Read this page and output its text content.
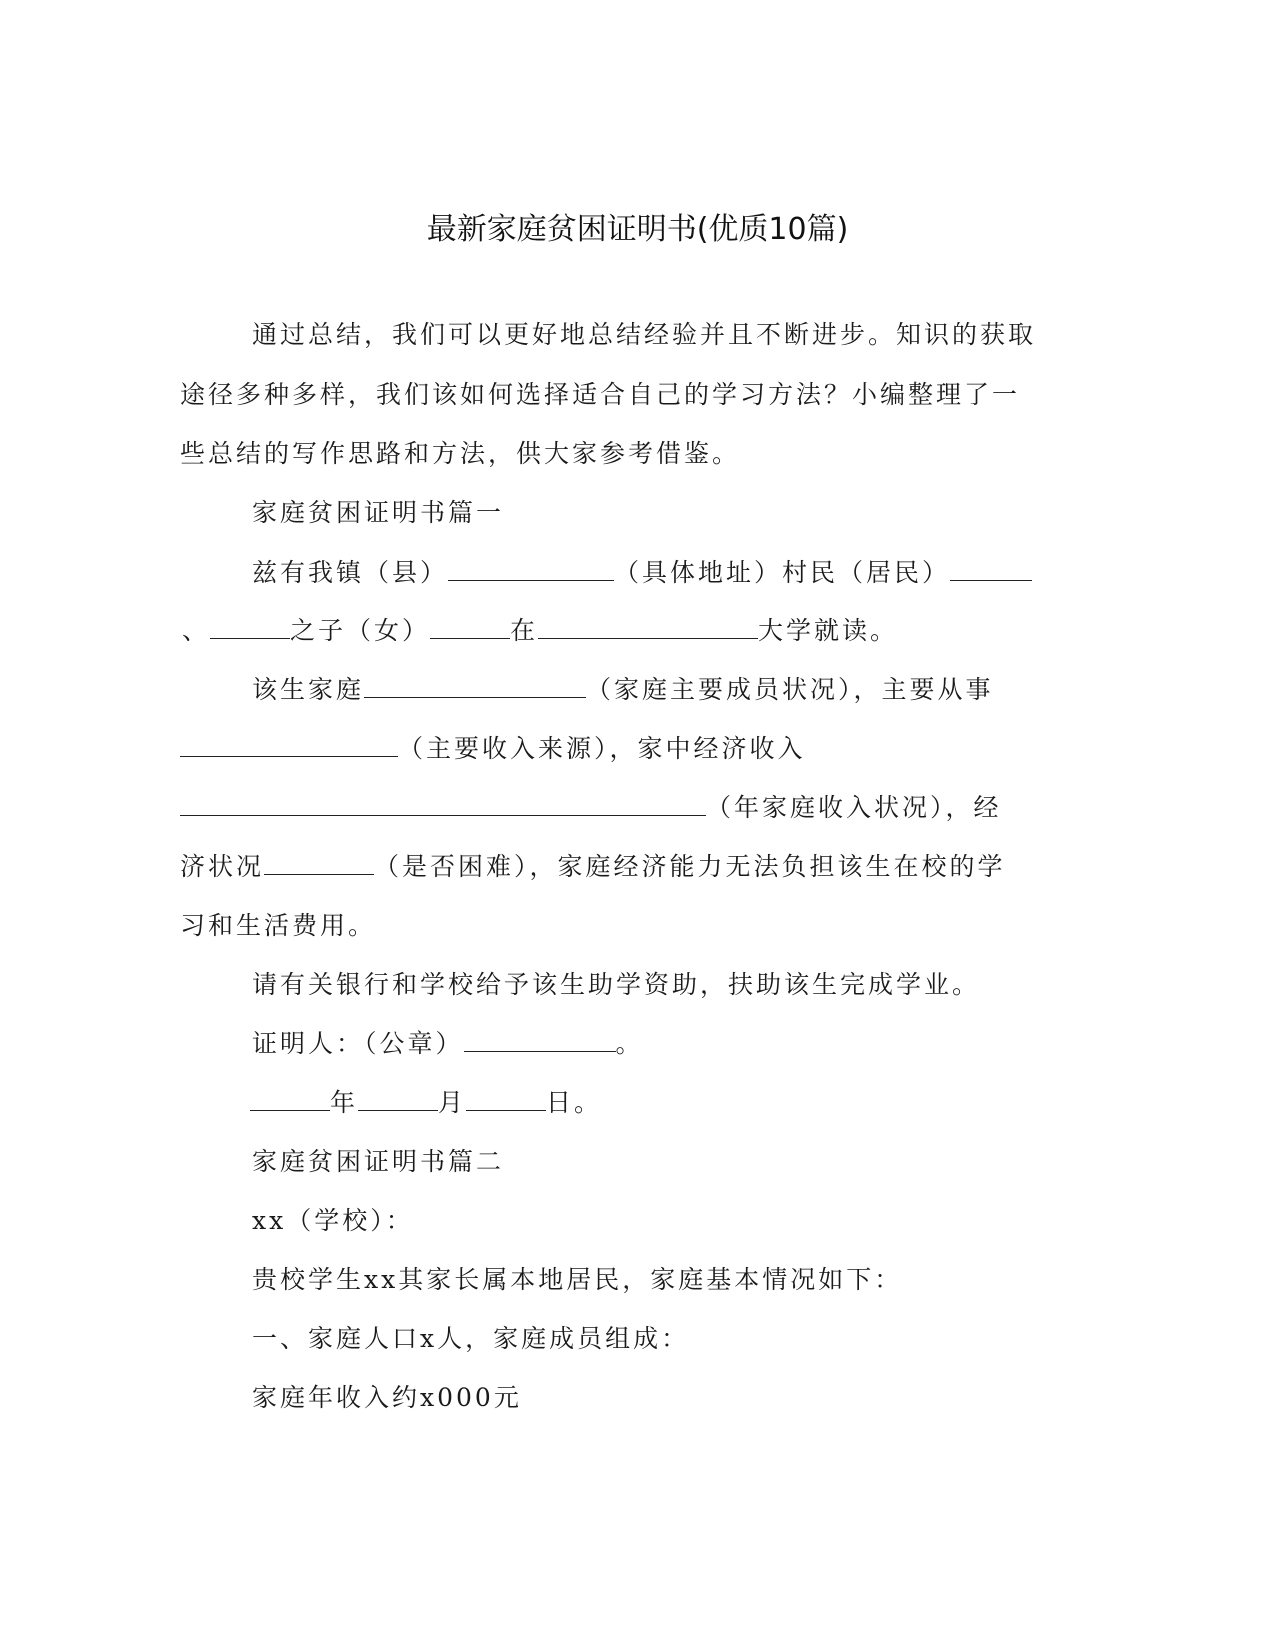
最新家庭贫困证明书(优质10篇)
通过总结，我们可以更好地总结经验并且不断进步。知识的获取
途径多种多样，我们该如何选择适合自己的学习方法？小编整理了一
些总结的写作思路和方法，供大家参考借鉴。
家庭贫困证明书篇一
兹有我镇（县）	（具体地址）村民（居民）
、	之子（女）	在	大学就读。
该生家庭	（家庭主要成员状况），主要从事
（主要收入来源），家中经济收入
（年家庭收入状况），经
济状况	（是否困难），家庭经济能力无法负担该生在校的学
习和生活费用。
请有关银行和学校给予该生助学资助，扶助该生完成学业。
证明人：（公章）	。
年	月	日。
家庭贫困证明书篇二
xx（学校）：
贵校学生xx其家长属本地居民，家庭基本情况如下：
一、家庭人口x人，家庭成员组成：
家庭年收入约x000元
